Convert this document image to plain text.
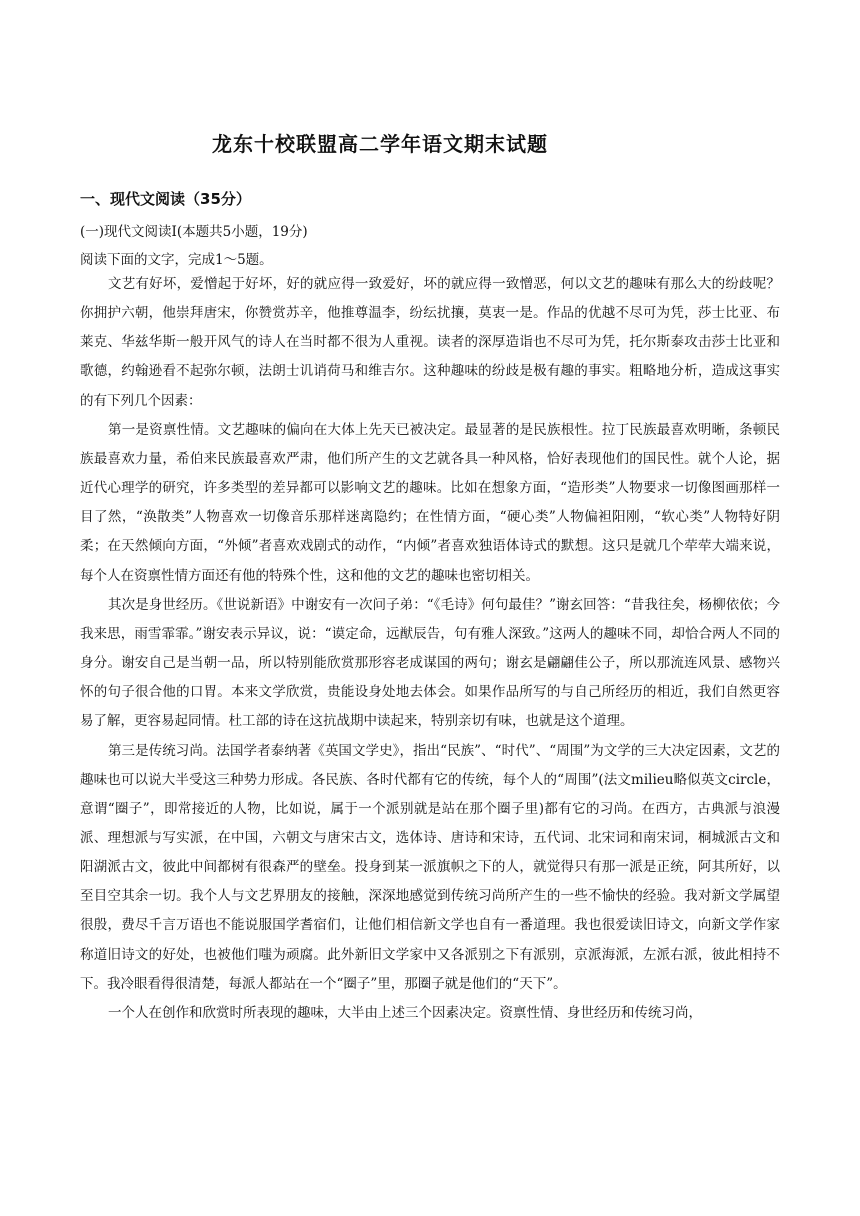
龙东十校联盟高二学年语文期末试题
一、现代文阅读（35分）
(一)现代文阅读Ⅰ(本题共5小题，19分)
阅读下面的文字，完成1～5题。

文艺有好坏，爱憎起于好坏，好的就应得一致爱好，坏的就应得一致憎恶，何以文艺的趣味有那么大的纷歧呢？你拥护六朝，他崇拜唐宋，你赞赏苏辛，他推尊温李，纷纭扰攘，莫衷一是。作品的优越不尽可为凭，莎士比亚、布莱克、华兹华斯一般开风气的诗人在当时都不很为人重视。读者的深厚造诣也不尽可为凭，托尔斯泰攻击莎士比亚和歌德，约翰逊看不起弥尔顿，法朗士讥诮荷马和维吉尔。这种趣味的纷歧是极有趣的事实。粗略地分析，造成这事实的有下列几个因素：

第一是资禀性情。文艺趣味的偏向在大体上先天已被决定。最显著的是民族根性。拉丁民族最喜欢明晰，条顿民族最喜欢力量，希伯来民族最喜欢严肃，他们所产生的文艺就各具一种风格，恰好表现他们的国民性。就个人论，据近代心理学的研究，许多类型的差异都可以影响文艺的趣味。比如在想象方面，“造形类”人物要求一切像图画那样一目了然，“涣散类”人物喜欢一切像音乐那样迷离隐约；在性情方面，“硬心类”人物偏袒阳刚，“软心类”人物特好阴柔；在天然倾向方面，“外倾”者喜欢戏剧式的动作，“内倾”者喜欢独语体诗式的默想。这只是就几个荦荦大端来说，每个人在资禀性情方面还有他的特殊个性，这和他的文艺的趣味也密切相关。

其次是身世经历。《世说新语》中谢安有一次问子弟：“《毛诗》何句最佳？”谢玄回答：“昔我往矣，杨柳依依；今我来思，雨雪霏霏。”谢安表示异议，说：“谟定命，远猷辰告，句有雅人深致。”这两人的趣味不同，却恰合两人不同的身分。谢安自己是当朝一品，所以特别能欣赏那形容老成谋国的两句；谢玄是翩翩佳公子，所以那流连风景、感物兴怀的句子很合他的口胃。本来文学欣赏，贵能设身处地去体会。如果作品所写的与自己所经历的相近，我们自然更容易了解，更容易起同情。杜工部的诗在这抗战期中读起来，特别亲切有味，也就是这个道理。

第三是传统习尚。法国学者泰纳著《英国文学史》，指出“民族”、“时代”、“周围”为文学的三大决定因素，文艺的趣味也可以说大半受这三种势力形成。各民族、各时代都有它的传统，每个人的“周围”(法文milieu略似英文circle，意谓“圈子”，即常接近的人物，比如说，属于一个派别就是站在那个圈子里)都有它的习尚。在西方，古典派与浪漫派、理想派与写实派，在中国，六朝文与唐宋古文，选体诗、唐诗和宋诗，五代词、北宋词和南宋词，桐城派古文和阳湖派古文，彼此中间都树有很森严的壁垒。投身到某一派旗帜之下的人，就觉得只有那一派是正统，阿其所好，以至目空其余一切。我个人与文艺界朋友的接触，深深地感觉到传统习尚所产生的一些不愉快的经验。我对新文学属望很殷，费尽千言万语也不能说服国学耆宿们，让他们相信新文学也自有一番道理。我也很爱读旧诗文，向新文学作家称道旧诗文的好处，也被他们嗤为顽腐。此外新旧文学家中又各派别之下有派别，京派海派，左派右派，彼此相持不下。我冷眼看得很清楚，每派人都站在一个“圈子”里，那圈子就是他们的“天下”。

一个人在创作和欣赏时所表现的趣味，大半由上述三个因素决定。资禀性情、身世经历和传统习尚，
